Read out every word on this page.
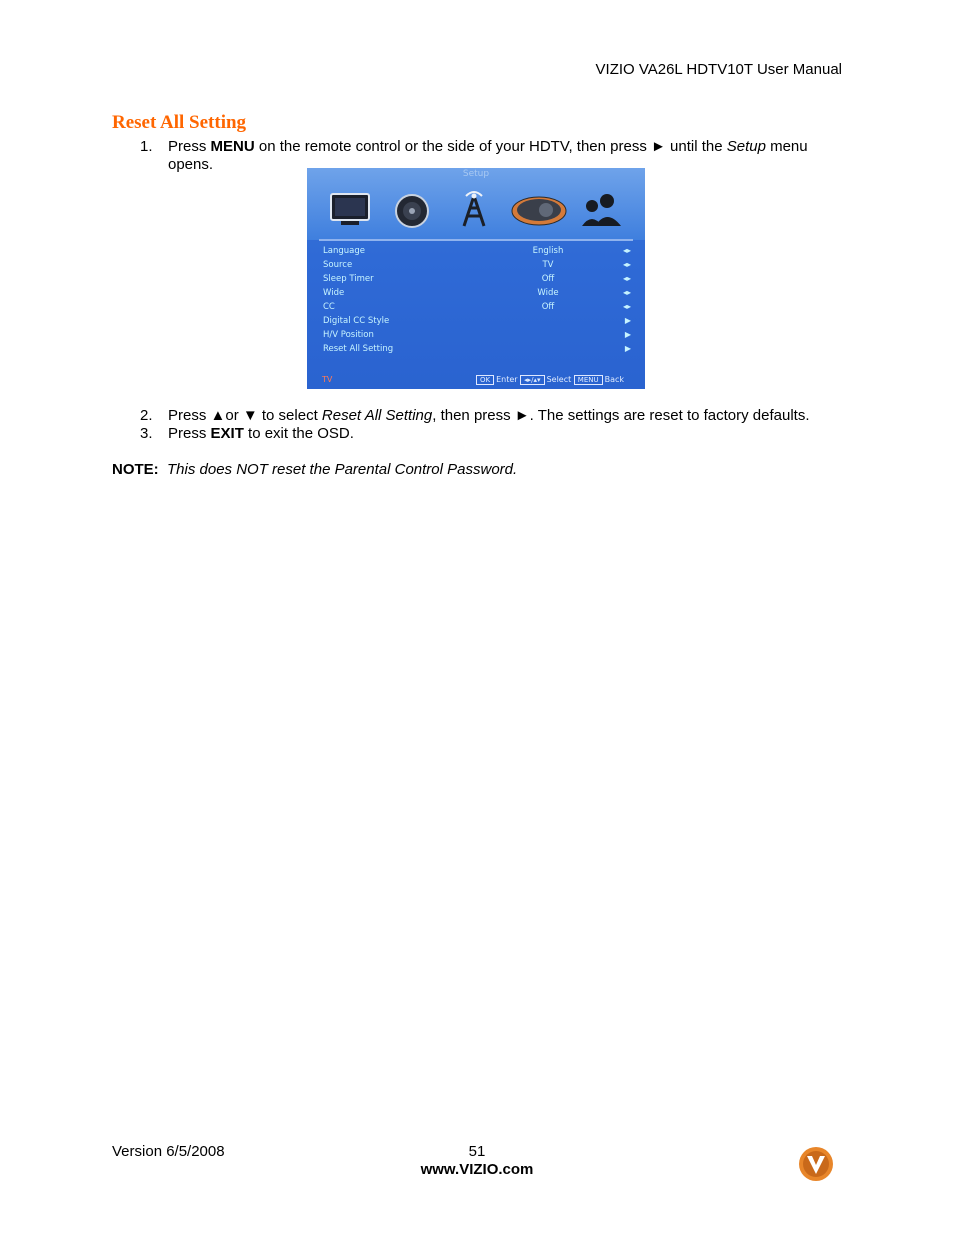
VIZIO VA26L HDTV10T User Manual
Reset All Setting
1. Press MENU on the remote control or the side of your HDTV, then press ► until the Setup menu opens.
Setup
Language	English	◂▸
Source	TV	◂▸
Sleep Timer	Off	◂▸
Wide	Wide	◂▸
CC	Off	◂▸
Digital CC Style	▶
H/V Position	▶
Reset All Setting	▶
TV	OK Enter ◂▸/▴▾ Select MENU Back
2. Press ▲or ▼ to select Reset All Setting, then press ►. The settings are reset to factory defaults.
3. Press EXIT to exit the OSD.
NOTE: This does NOT reset the Parental Control Password.
Version 6/5/2008	51
www.VIZIO.com
